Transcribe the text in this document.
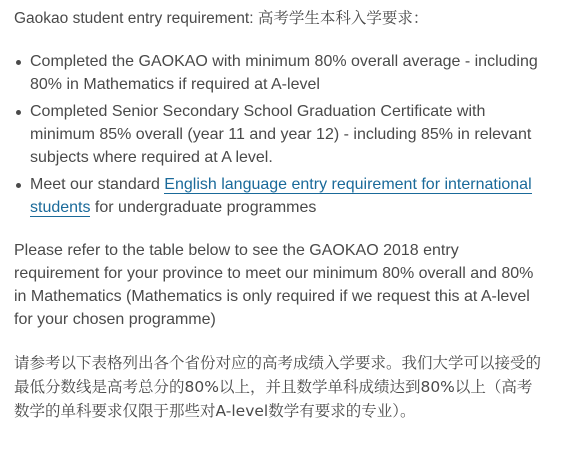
Gaokao student entry requirement: 高考学生本科入学要求：

Completed the GAOKAO with minimum 80% overall average - including 80% in Mathematics if required at A-level
Completed Senior Secondary School Graduation Certificate with minimum 85% overall (year 11 and year 12) - including 85% in relevant subjects where required at A level.
Meet our standard English language entry requirement for international students for undergraduate programmes

Please refer to the table below to see the GAOKAO 2018 entry requirement for your province to meet our minimum 80% overall and 80% in Mathematics (Mathematics is only required if we request this at A-level for your chosen programme)

请参考以下表格列出各个省份对应的高考成绩入学要求。我们大学可以接受的最低分数线是高考总分的80%以上，并且数学单科成绩达到80%以上（高考数学的单科要求仅限于那些对A-level数学有要求的专业）。
